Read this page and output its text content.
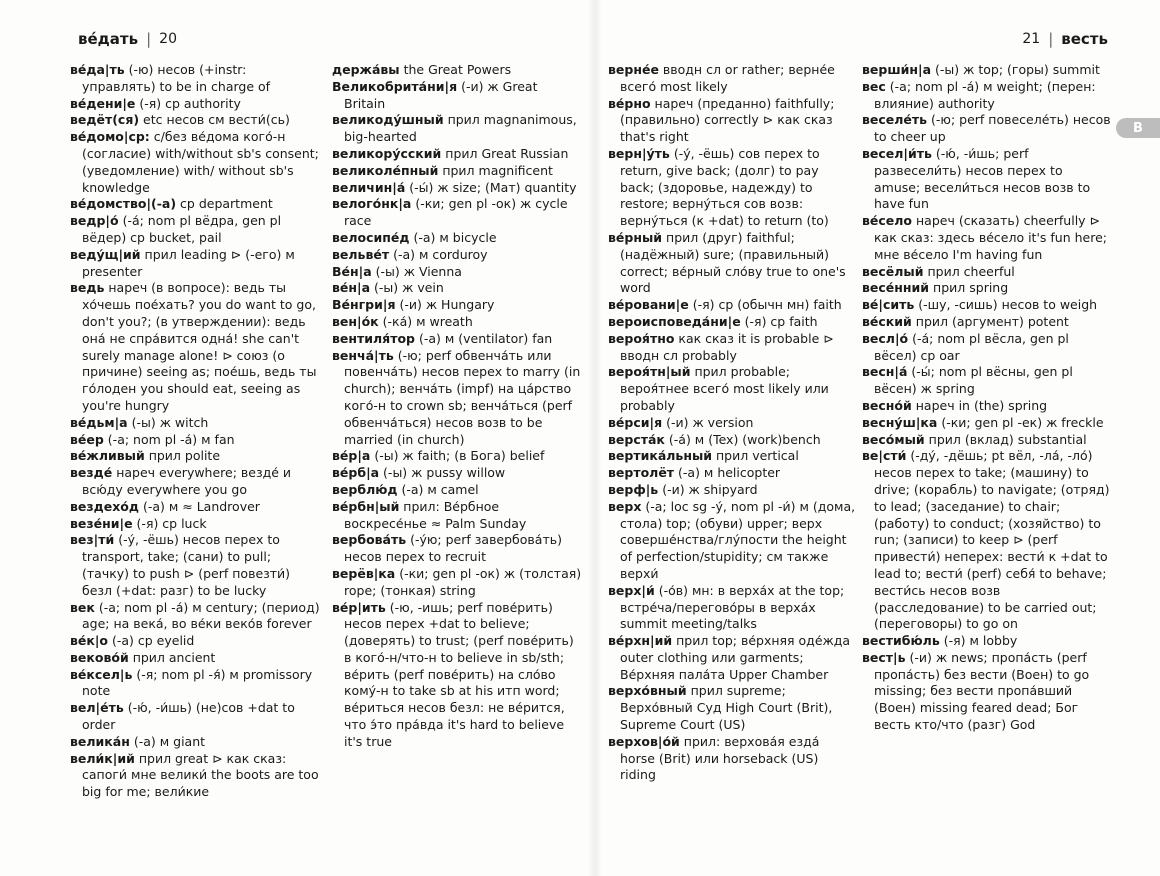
ве́дать | 20	21 | весть
В
ве́да|ть (-ю) несов (+instr: управлять) to be in charge of
ве́дени|е (-я) ср authority
ведёт(ся) etc несов см вести́(сь)
ве́домо|ср: с/без ве́дома кого́-н (согласие) with/without sb's consent; (уведомление) with/ without sb's knowledge
ве́домство|(-а) ср department
ведр|о́ (-а́; nom pl вёдра, gen pl вёдер) ср bucket, pail
веду́щ|ий прил leading ⊳ (-его) м presenter
ведь нареч (в вопросе): ведь ты хо́чешь пое́хать? you do want to go, don't you?; (в утверждении): ведь она́ не спра́вится одна́! she can't surely manage alone! ⊳ союз (о причине) seeing as; пое́шь, ведь ты го́лоден you should eat, seeing as you're hungry
ве́дьм|а (-ы) ж witch
ве́ер (-а; nom pl -а́) м fan
ве́жливый прил polite
везде́ нареч everywhere; везде́ и всю́ду everywhere you go
вездехо́д (-а) м ≈ Landrover
везе́ни|е (-я) ср luck
вез|ти́ (-у́, -ёшь) несов перех to transport, take; (сани) to pull; (тачку) to push ⊳ (perf повезти́) безл (+dat: разг) to be lucky
век (-а; nom pl -а́) м century; (период) age; на века́, во ве́ки веко́в forever
ве́к|о (-а) ср eyelid
веково́й прил ancient
ве́ксел|ь (-я; nom pl -я́) м promissory note
вел|е́ть (-ю́, -и́шь) (не)сов +dat to order
велика́н (-а) м giant
вели́к|ий прил great ⊳ как сказ: сапоги́ мне велики́ the boots are too big for me; вели́кие
держа́вы the Great Powers
Великобрита́ни|я (-и) ж Great Britain
великоду́шный прил magnanimous, big-hearted
великору́сский прил Great Russian
великоле́пный прил magnificent
величин|а́ (-ы́) ж size; (Мат) quantity
велого́нк|а (-ки; gen pl -ок) ж cycle race
велосипе́д (-а) м bicycle
вельве́т (-а) м corduroy
Ве́н|а (-ы) ж Vienna
ве́н|а (-ы) ж vein
Ве́нгри|я (-и) ж Hungary
вен|о́к (-ка́) м wreath
вентиля́тор (-а) м (ventilator) fan
венча́|ть (-ю; perf обвенча́ть или повенча́ть) несов перех to marry (in church); венча́ть (impf) на ца́рство кого́-н to crown sb; венча́ться (perf обвенча́ться) несов возв to be married (in church)
ве́р|а (-ы) ж faith; (в Бога) belief
ве́рб|а (-ы) ж pussy willow
верблю́д (-а) м camel
ве́рбн|ый прил: Ве́рбное воскресе́нье ≈ Palm Sunday
вербова́ть (-у́ю; perf завербова́ть) несов перех to recruit
верёв|ка (-ки; gen pl -ок) ж (толстая) rope; (тонкая) string
ве́р|ить (-ю, -ишь; perf пове́рить) несов перех +dat to believe; (доверять) to trust; (perf пове́рить) в кого́-н/что-н to believe in sb/sth; ве́рить (perf пове́рить) на сло́во кому́-н to take sb at his итп word; ве́риться несов безл: не ве́рится, что э́то пра́вда it's hard to believe it's true
верне́е вводн сл or rather; верне́е всего́ most likely
ве́рно нареч (преданно) faithfully; (правильно) correctly ⊳ как сказ that's right
верн|у́ть (-у́, -ёшь) сов перех to return, give back; (долг) to pay back; (здоровье, надежду) to restore; верну́ться сов возв: верну́ться (к +dat) to return (to)
ве́рный прил (друг) faithful; (надёжный) sure; (правильный) correct; ве́рный сло́ву true to one's word
ве́ровани|е (-я) ср (обычн мн) faith
вероисповеда́ни|е (-я) ср faith
вероя́тно как сказ it is probable ⊳ вводн сл probably
вероя́тн|ый прил probable; вероя́тнее всего́ most likely или probably
ве́рси|я (-и) ж version
верста́к (-а́) м (Tex) (work)bench
вертика́льный прил vertical
вертолёт (-а) м helicopter
верф|ь (-и) ж shipyard
верх (-а; loc sg -у́, nom pl -и́) м (дома, стола) top; (обуви) upper; верх соверше́нства/глу́пости the height of perfection/stupidity; см также верхи́
верх|и́ (-о́в) мн: в верха́х at the top; встре́ча/перегово́ры в верха́х summit meeting/talks
ве́рхн|ий прил top; ве́рхняя оде́жда outer clothing или garments; Ве́рхняя пала́та Upper Chamber
верхо́вный прил supreme; Верхо́вный Суд High Court (Brit), Supreme Court (US)
верхов|о́й прил: верхова́я езда́ horse (Brit) или horseback (US) riding
верши́н|а (-ы) ж top; (горы) summit
вес (-а; nom pl -а́) м weight; (перен: влияние) authority
веселе́ть (-ю; perf повеселе́ть) несов to cheer up
весел|и́ть (-ю́, -и́шь; perf развесели́ть) несов перех to amuse; весели́ться несов возв to have fun
ве́село нареч (сказать) cheerfully ⊳ как сказ: здесь ве́село it's fun here; мне ве́село I'm having fun
весёлый прил cheerful
весе́нний прил spring
ве́|сить (-шу, -сишь) несов to weigh
ве́ский прил (аргумент) potent
весл|о́ (-а́; nom pl вёсла, gen pl вёсел) ср oar
весн|а́ (-ы́; nom pl вёсны, gen pl вёсен) ж spring
весно́й нареч in (the) spring
весну́ш|ка (-ки; gen pl -ек) ж freckle
весо́мый прил (вклад) substantial
ве|сти́ (-ду́, -дёшь; pt вёл, -ла́, -ло́) несов перех to take; (машину) to drive; (корабль) to navigate; (отряд) to lead; (заседание) to chair; (работу) to conduct; (хозяйство) to run; (записи) to keep ⊳ (perf привести́) неперех: вести́ к +dat to lead to; вести́ (perf) себя́ to behave; вести́сь несов возв (расследование) to be carried out; (переговоры) to go on
вестибю́ль (-я) м lobby
вест|ь (-и) ж news; пропа́сть (perf пропа́сть) без вести (Воен) to go missing; без вести пропа́вший (Воен) missing feared dead; Бог весть кто/что (разг) God
